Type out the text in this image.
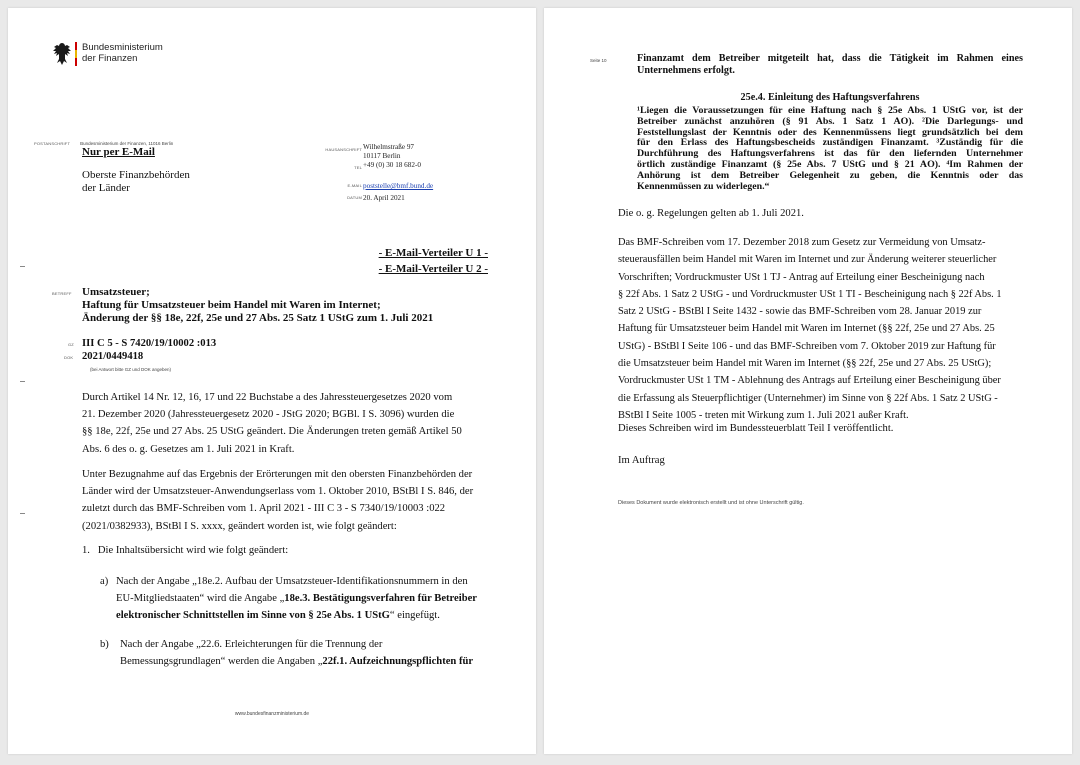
Bundesministerium
der Finanzen
POSTANSCHRIFT Bundesministerium der Finanzen, 11016 Berlin
Nur per E-Mail
Oberste Finanzbehörden
der Länder
HAUSANSCHRIFT
TEL
E-MAIL
DATUM
Wilhelmstraße 97
10117 Berlin
+49 (0) 30 18 682-0
poststelle@bmf.bund.de
20. April 2021
- E-Mail-Verteiler U 1 -
- E-Mail-Verteiler U 2 -
BETREFF Umsatzsteuer;
Haftung für Umsatzsteuer beim Handel mit Waren im Internet;
Änderung der §§ 18e, 22f, 25e und 27 Abs. 25 Satz 1 UStG zum 1. Juli 2021
GZ III C 5 - S 7420/19/10002 :013
DOK 2021/0449418
(bei Antwort bitte GZ und DOK angeben)
Durch Artikel 14 Nr. 12, 16, 17 und 22 Buchstabe a des Jahressteuergesetzes 2020 vom
21. Dezember 2020 (Jahressteuergesetz 2020 - JStG 2020; BGBl. I S. 3096) wurden die
§§ 18e, 22f, 25e und 27 Abs. 25 UStG geändert. Die Änderungen treten gemäß Artikel 50
Abs. 6 des o. g. Gesetzes am 1. Juli 2021 in Kraft.
Unter Bezugnahme auf das Ergebnis der Erörterungen mit den obersten Finanzbehörden der
Länder wird der Umsatzsteuer-Anwendungserlass vom 1. Oktober 2010, BStBl I S. 846, der
zuletzt durch das BMF-Schreiben vom 1. April 2021 - III C 3 - S 7340/19/10003 :022
(2021/0382933), BStBl I S. xxxx, geändert worden ist, wie folgt geändert:
1.   Die Inhaltsübersicht wird wie folgt geändert:
a) Nach der Angabe „18e.2. Aufbau der Umsatzsteuer-Identifikationsnummern in den
EU-Mitgliedstaaten“ wird die Angabe „18e.3. Bestätigungsverfahren für Betreiber
elektronischer Schnittstellen im Sinne von § 25e Abs. 1 UStG“ eingefügt.
b) Nach der Angabe „22.6. Erleichterungen für die Trennung der
Bemessungsgrundlagen“ werden die Angaben „22f.1. Aufzeichnungspflichten für
www.bundesfinanzministerium.de
Seite 10	Finanzamt dem Betreiber mitgeteilt hat, dass die Tätigkeit im Rahmen eines
Unternehmens erfolgt.
25e.4. Einleitung des Haftungsverfahrens
¹Liegen die Voraussetzungen für eine Haftung nach § 25e Abs. 1 UStG vor, ist der
Betreiber zunächst anzuhören (§ 91 Abs. 1 Satz 1 AO). ²Die Darlegungs- und
Feststellungslast der Kenntnis oder des Kennenmüssens liegt grundsätzlich bei dem
für den Erlass des Haftungsbescheids zuständigen Finanzamt. ³Zuständig für die
Durchführung des Haftungsverfahrens ist das für den liefernden Unternehmer
örtlich zuständige Finanzamt (§ 25e Abs. 7 UStG und § 21 AO). ⁴Im Rahmen der
Anhörung ist dem Betreiber Gelegenheit zu geben, die Kenntnis oder das
Kennenmüssen zu widerlegen.“
Die o. g. Regelungen gelten ab 1. Juli 2021.
Das BMF-Schreiben vom 17. Dezember 2018 zum Gesetz zur Vermeidung von Umsatz-
steuerausfällen beim Handel mit Waren im Internet und zur Änderung weiterer steuerlicher
Vorschriften; Vordruckmuster USt 1 TJ - Antrag auf Erteilung einer Bescheinigung nach
§ 22f Abs. 1 Satz 2 UStG - und Vordruckmuster USt 1 TI - Bescheinigung nach § 22f Abs. 1
Satz 2 UStG - BStBl I Seite 1432 - sowie das BMF-Schreiben vom 28. Januar 2019 zur
Haftung für Umsatzsteuer beim Handel mit Waren im Internet (§§ 22f, 25e und 27 Abs. 25
UStG) - BStBl I Seite 106 - und das BMF-Schreiben vom 7. Oktober 2019 zur Haftung für
die Umsatzsteuer beim Handel mit Waren im Internet (§§ 22f, 25e und 27 Abs. 25 UStG);
Vordruckmuster USt 1 TM - Ablehnung des Antrags auf Erteilung einer Bescheinigung über
die Erfassung als Steuerpflichtiger (Unternehmer) im Sinne von § 22f Abs. 1 Satz 2 UStG -
BStBl I Seite 1005 - treten mit Wirkung zum 1. Juli 2021 außer Kraft.
Dieses Schreiben wird im Bundessteuerblatt Teil I veröffentlicht.
Im Auftrag
Dieses Dokument wurde elektronisch erstellt und ist ohne Unterschrift gültig.
